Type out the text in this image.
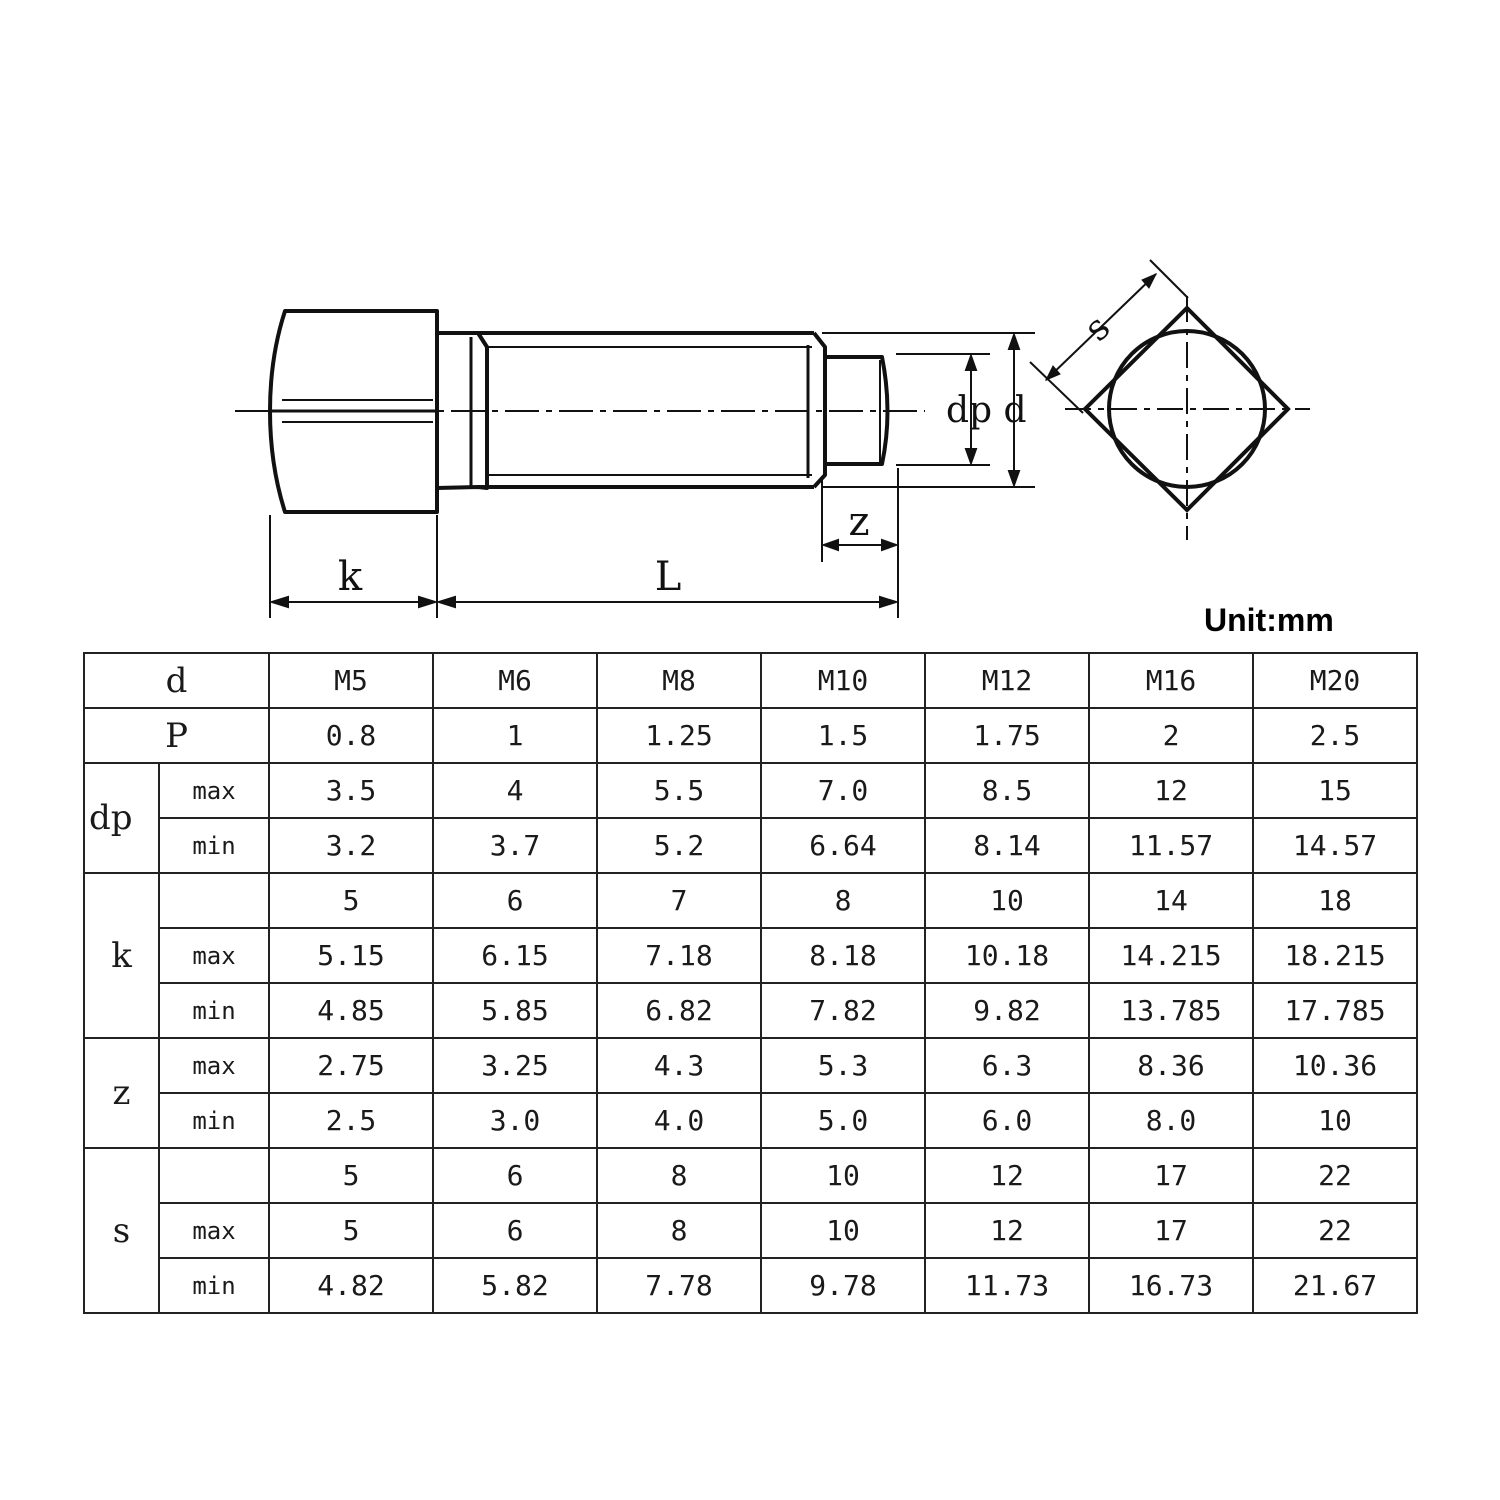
k	L
z
dp d
s
Unit:mm
d		M5	M6	M8	M10	M12	M16	M20
P		0.8	1	1.25	1.5	1.75	2	2.5
dp	max	3.5	4	5.5	7.0	8.5	12	15
	min	3.2	3.7	5.2	6.64	8.14	11.57	14.57
k		5	6	7	8	10	14	18
	max	5.15	6.15	7.18	8.18	10.18	14.215	18.215
	min	4.85	5.85	6.82	7.82	9.82	13.785	17.785
z	max	2.75	3.25	4.3	5.3	6.3	8.36	10.36
	min	2.5	3.0	4.0	5.0	6.0	8.0	10
s		5	6	8	10	12	17	22
	max	5	6	8	10	12	17	22
	min	4.82	5.82	7.78	9.78	11.73	16.73	21.67
